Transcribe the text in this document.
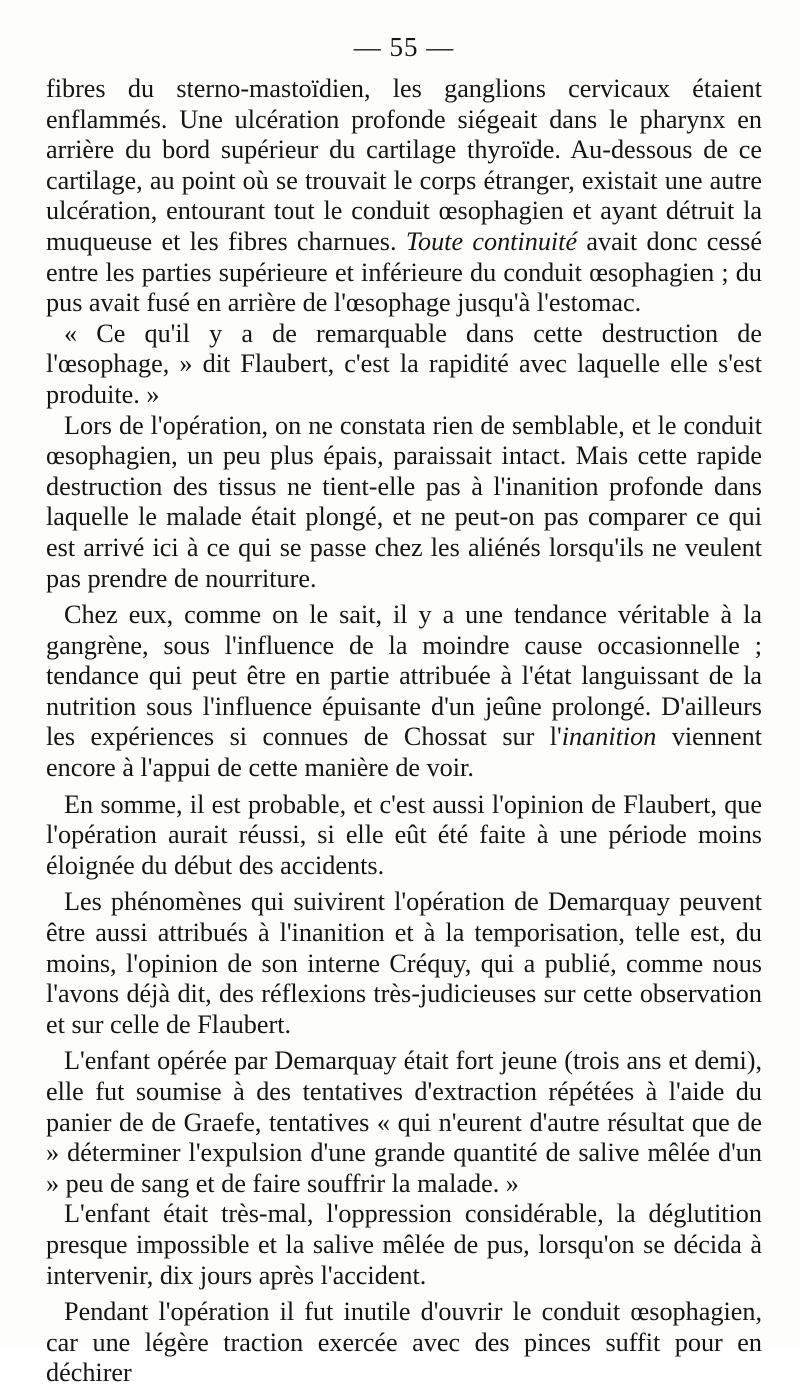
— 55 —

fibres du sterno-mastoïdien, les ganglions cervicaux étaient enflammés. Une ulcération profonde siégeait dans le pharynx en arrière du bord supérieur du cartilage thyroïde. Au-dessous de ce cartilage, au point où se trouvait le corps étranger, existait une autre ulcération, entourant tout le conduit œsophagien et ayant détruit la muqueuse et les fibres charnues. Toute continuité avait donc cessé entre les parties supérieure et inférieure du conduit œsophagien ; du pus avait fusé en arrière de l'œsophage jusqu'à l'estomac.

« Ce qu'il y a de remarquable dans cette destruction de l'œsophage, » dit Flaubert, c'est la rapidité avec laquelle elle s'est produite. »

Lors de l'opération, on ne constata rien de semblable, et le conduit œsophagien, un peu plus épais, paraissait intact. Mais cette rapide destruction des tissus ne tient-elle pas à l'inanition profonde dans laquelle le malade était plongé, et ne peut-on pas comparer ce qui est arrivé ici à ce qui se passe chez les aliénés lorsqu'ils ne veulent pas prendre de nourriture.

Chez eux, comme on le sait, il y a une tendance véritable à la gangrène, sous l'influence de la moindre cause occasionnelle ; tendance qui peut être en partie attribuée à l'état languissant de la nutrition sous l'influence épuisante d'un jeûne prolongé. D'ailleurs les expériences si connues de Chossat sur l'inanition viennent encore à l'appui de cette manière de voir.

En somme, il est probable, et c'est aussi l'opinion de Flaubert, que l'opération aurait réussi, si elle eût été faite à une période moins éloignée du début des accidents.

Les phénomènes qui suivirent l'opération de Demarquay peuvent être aussi attribués à l'inanition et à la temporisation, telle est, du moins, l'opinion de son interne Créquy, qui a publié, comme nous l'avons déjà dit, des réflexions très-judicieuses sur cette observation et sur celle de Flaubert.

L'enfant opérée par Demarquay était fort jeune (trois ans et demi), elle fut soumise à des tentatives d'extraction répétées à l'aide du panier de de Graefe, tentatives « qui n'eurent d'autre résultat que de » déterminer l'expulsion d'une grande quantité de salive mêlée d'un » peu de sang et de faire souffrir la malade. »

L'enfant était très-mal, l'oppression considérable, la déglutition presque impossible et la salive mêlée de pus, lorsqu'on se décida à intervenir, dix jours après l'accident.

Pendant l'opération il fut inutile d'ouvrir le conduit œsophagien, car une légère traction exercée avec des pinces suffit pour en déchirer
